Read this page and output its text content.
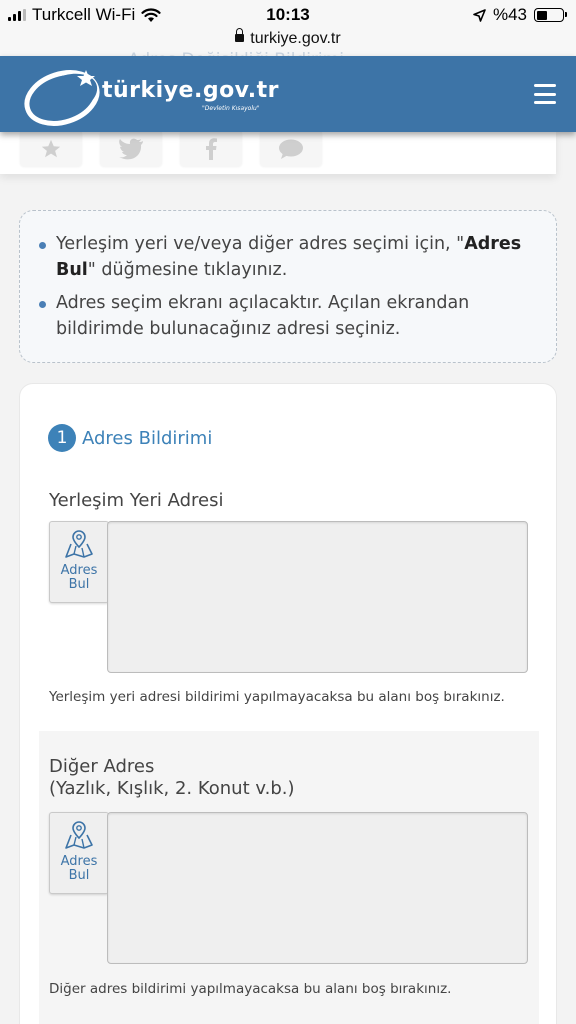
Turkcell Wi-Fi	10:13	%43
turkiye.gov.tr
türkiye.gov.tr
"Devletin Kısayolu"
Yerleşim yeri ve/veya diğer adres seçimi için, "Adres Bul" düğmesine tıklayınız.
Adres seçim ekranı açılacaktır. Açılan ekrandan bildirimde bulunacağınız adresi seçiniz.
1 Adres Bildirimi
Yerleşim Yeri Adresi
Adres
Bul
Yerleşim yeri adresi bildirimi yapılmayacaksa bu alanı boş bırakınız.
Diğer Adres
(Yazlık, Kışlık, 2. Konut v.b.)
Adres
Bul
Diğer adres bildirimi yapılmayacaksa bu alanı boş bırakınız.
